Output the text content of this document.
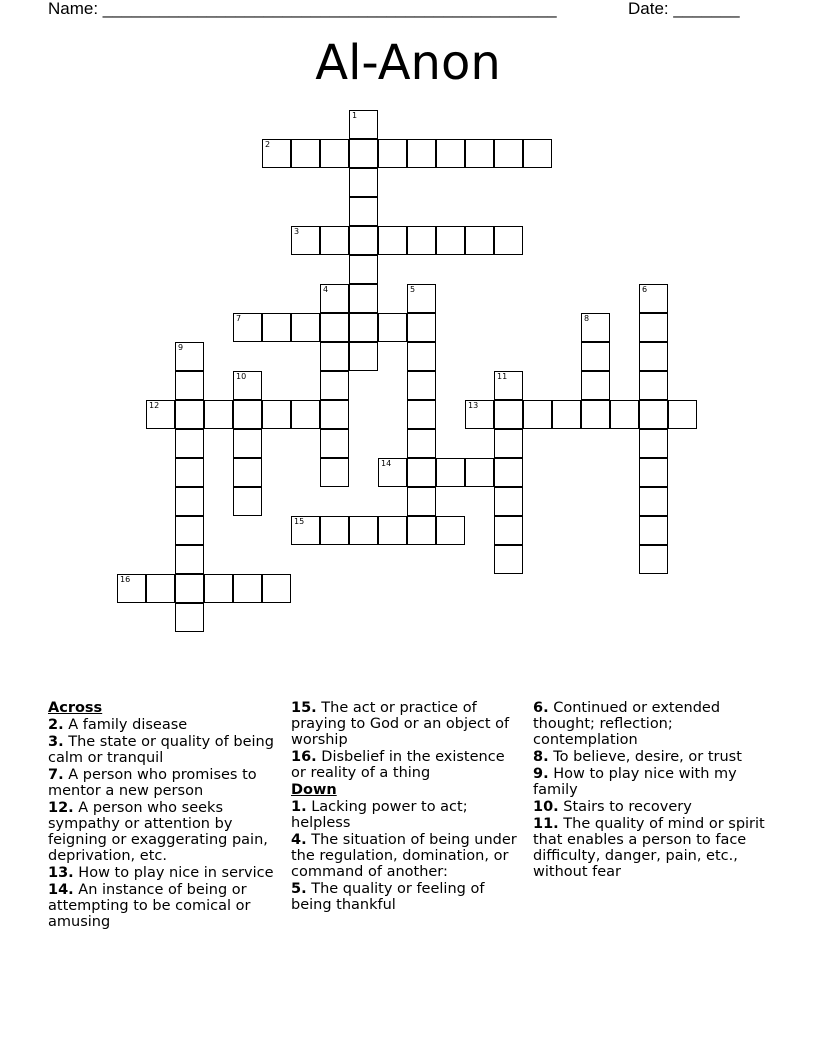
Name: ________________________________________________	Date: _______
Al-Anon
1
2
3
4	5	6
7	8
9
10	11
12	13
14
15
16
Across
2. A family disease
3. The state or quality of being calm or tranquil
7. A person who promises to mentor a new person
12. A person who seeks sympathy or attention by feigning or exaggerating pain, deprivation, etc.
13. How to play nice in service
14. An instance of being or attempting to be comical or amusing
15. The act or practice of praying to God or an object of worship
16. Disbelief in the existence or reality of a thing
Down
1. Lacking power to act; helpless
4. The situation of being under the regulation, domination, or command of another:
5. The quality or feeling of being thankful
6. Continued or extended thought; reflection; contemplation
8. To believe, desire, or trust
9. How to play nice with my family
10. Stairs to recovery
11. The quality of mind or spirit that enables a person to face difficulty, danger, pain, etc., without fear
